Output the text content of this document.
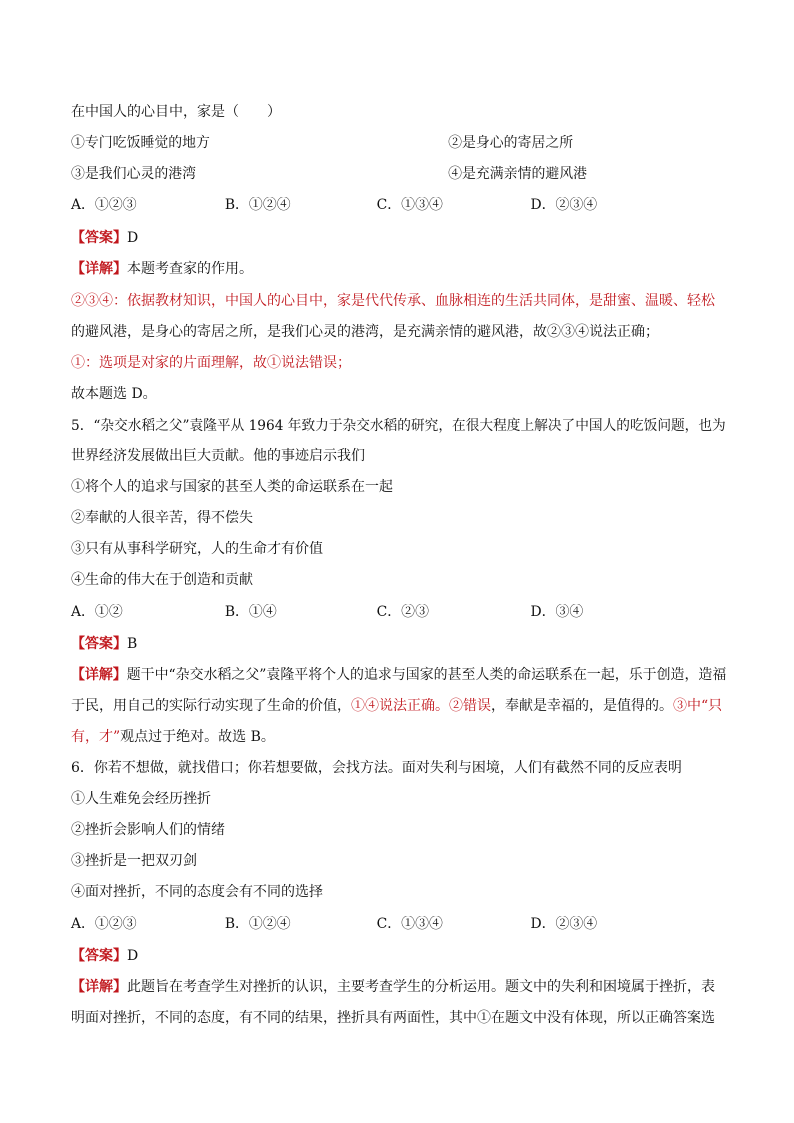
在中国人的心目中，家是（　　）
①专门吃饭睡觉的地方	②是身心的寄居之所
③是我们心灵的港湾	④是充满亲情的避风港
A．①②③	B．①②④	C．①③④	D．②③④
【答案】D
【详解】本题考查家的作用。
②③④：依据教材知识，中国人的心目中，家是代代传承、血脉相连的生活共同体，是甜蜜、温暖、轻松
的避风港，是身心的寄居之所，是我们心灵的港湾，是充满亲情的避风港，故②③④说法正确；
①：选项是对家的片面理解，故①说法错误；
故本题选 D。
5．“杂交水稻之父”袁隆平从 1964 年致力于杂交水稻的研究，在很大程度上解决了中国人的吃饭问题，也为
世界经济发展做出巨大贡献。他的事迹启示我们
①将个人的追求与国家的甚至人类的命运联系在一起
②奉献的人很辛苦，得不偿失
③只有从事科学研究，人的生命才有价值
④生命的伟大在于创造和贡献
A．①②	B．①④	C．②③	D．③④
【答案】B
【详解】题干中“杂交水稻之父”袁隆平将个人的追求与国家的甚至人类的命运联系在一起，乐于创造，造福
于民，用自己的实际行动实现了生命的价值，①④说法正确。②错误，奉献是幸福的，是值得的。③中“只
有，才”观点过于绝对。故选 B。
6．你若不想做，就找借口；你若想要做，会找方法。面对失利与困境，人们有截然不同的反应表明
①人生难免会经历挫折
②挫折会影响人们的情绪
③挫折是一把双刃剑
④面对挫折，不同的态度会有不同的选择
A．①②③	B．①②④	C．①③④	D．②③④
【答案】D
【详解】此题旨在考查学生对挫折的认识，主要考查学生的分析运用。题文中的失利和困境属于挫折，表
明面对挫折，不同的态度，有不同的结果，挫折具有两面性，其中①在题文中没有体现，所以正确答案选
